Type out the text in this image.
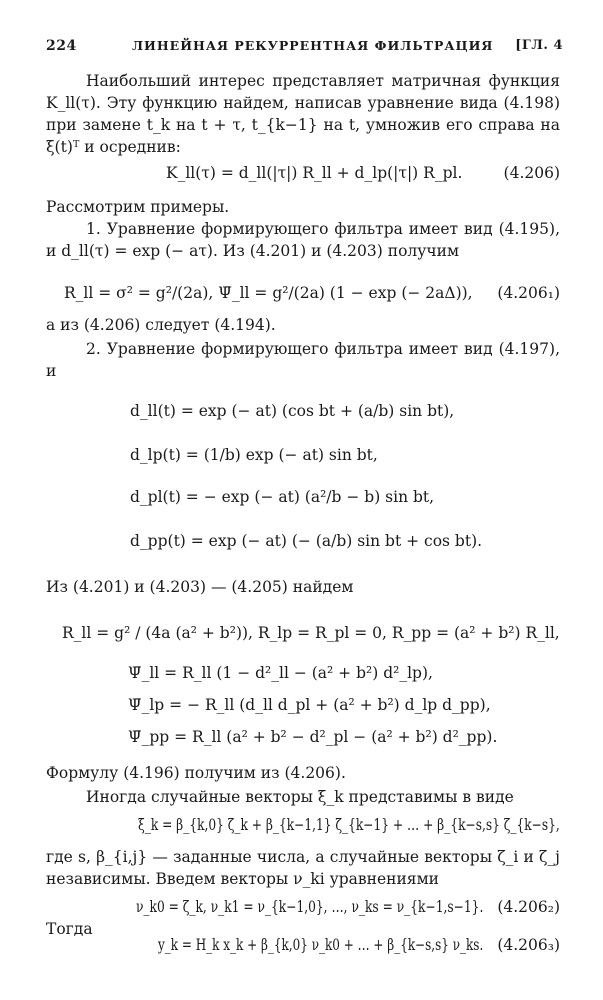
224	ЛИНЕЙНАЯ РЕКУРРЕНТНАЯ ФИЛЬТРАЦИЯ [ГЛ. 4

Наибольший интерес представляет матричная функция K_ll(τ). Эту функцию найдем, написав уравнение вида (4.198) при замене t_k на t + τ, t_{k−1} на t, умножив его справа на ξ(t)ᵀ и осреднив:

K_ll(τ) = d_ll(|τ|) R_ll + d_lp(|τ|) R_pl.	(4.206)

Рассмотрим примеры.

1. Уравнение формирующего фильтра имеет вид (4.195), и d_ll(τ) = exp (− aτ). Из (4.201) и (4.203) получим

R_ll = σ² = g²/(2a), Ψ̄_ll = g²/(2a) (1 − exp (− 2aΔ)), (4.206₁)

а из (4.206) следует (4.194).

2. Уравнение формирующего фильтра имеет вид (4.197), и

d_ll(t) = exp (− at) (cos bt + (a/b) sin bt),
d_lp(t) = (1/b) exp (− at) sin bt,
d_pl(t) = − exp (− at) (a²/b − b) sin bt,
d_pp(t) = exp (− at) (− (a/b) sin bt + cos bt).

Из (4.201) и (4.203) — (4.205) найдем

R_ll = g² / (4a (a² + b²)), R_lp = R_pl = 0, R_pp = (a² + b²) R_ll,
Ψ̄_ll = R_ll (1 − d²_ll − (a² + b²) d²_lp),
Ψ̄_lp = − R_ll (d_ll d_pl + (a² + b²) d_lp d_pp),
Ψ̄_pp = R_ll (a² + b² − d²_pl − (a² + b²) d²_pp).

Формулу (4.196) получим из (4.206).

Иногда случайные векторы ξ_k представимы в виде

ξ_k = β_{k,0} ζ_k + β_{k−1,1} ζ_{k−1} + … + β_{k−s,s} ζ_{k−s},

где s, β_{i,j} — заданные числа, а случайные векторы ζ_i и ζ_j независимы. Введем векторы ν_ki уравнениями

ν_k0 = ζ_k, ν_k1 = ν_{k−1,0}, …, ν_ks = ν_{k−1,s−1}. (4.206₂)

Тогда

y_k = H_k x_k + β_{k,0} ν_k0 + … + β_{k−s,s} ν_ks. (4.206₃)
